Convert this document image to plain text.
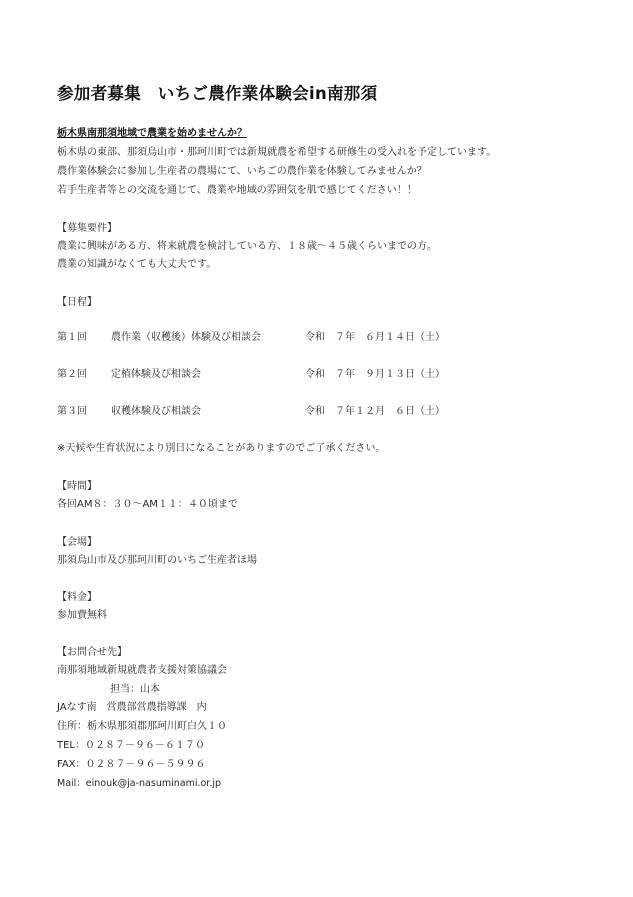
参加者募集　いちご農作業体験会in南那須
栃木県南那須地域で農業を始めませんか？
栃木県の東部、那須烏山市・那珂川町では新規就農を希望する研修生の受入れを予定しています。
農作業体験会に参加し生産者の農場にて、いちごの農作業を体験してみませんか？
若手生産者等との交流を通じて、農業や地域の雰囲気を肌で感じてください！！
【募集要件】
農業に興味がある方、将来就農を検討している方、１８歳～４５歳くらいまでの方。
農業の知識がなくても大丈夫です。
【日程】
第１回 農作業（収穫後）体験及び相談会	令和　７年　６月１４日（土）
第２回 定植体験及び相談会	令和　７年　９月１３日（土）
第３回 収穫体験及び相談会	令和　７年１２月　６日（土）
※天候や生育状況により別日になることがありますのでご了承ください。
【時間】
各回AM８：３０～AM１１：４０頃まで
【会場】
那須烏山市及び那珂川町のいちご生産者ほ場
【料金】
参加費無料
【お問合せ先】
南那須地域新規就農者支援対策協議会
担当：山本
JAなす南　営農部営農指導課　内
住所：栃木県那須郡那珂川町白久１０
TEL：０２８７－９６－６１７０
FAX：０２８７－９６－５９９６
Mail：einouk@ja-nasuminami.or.jp
